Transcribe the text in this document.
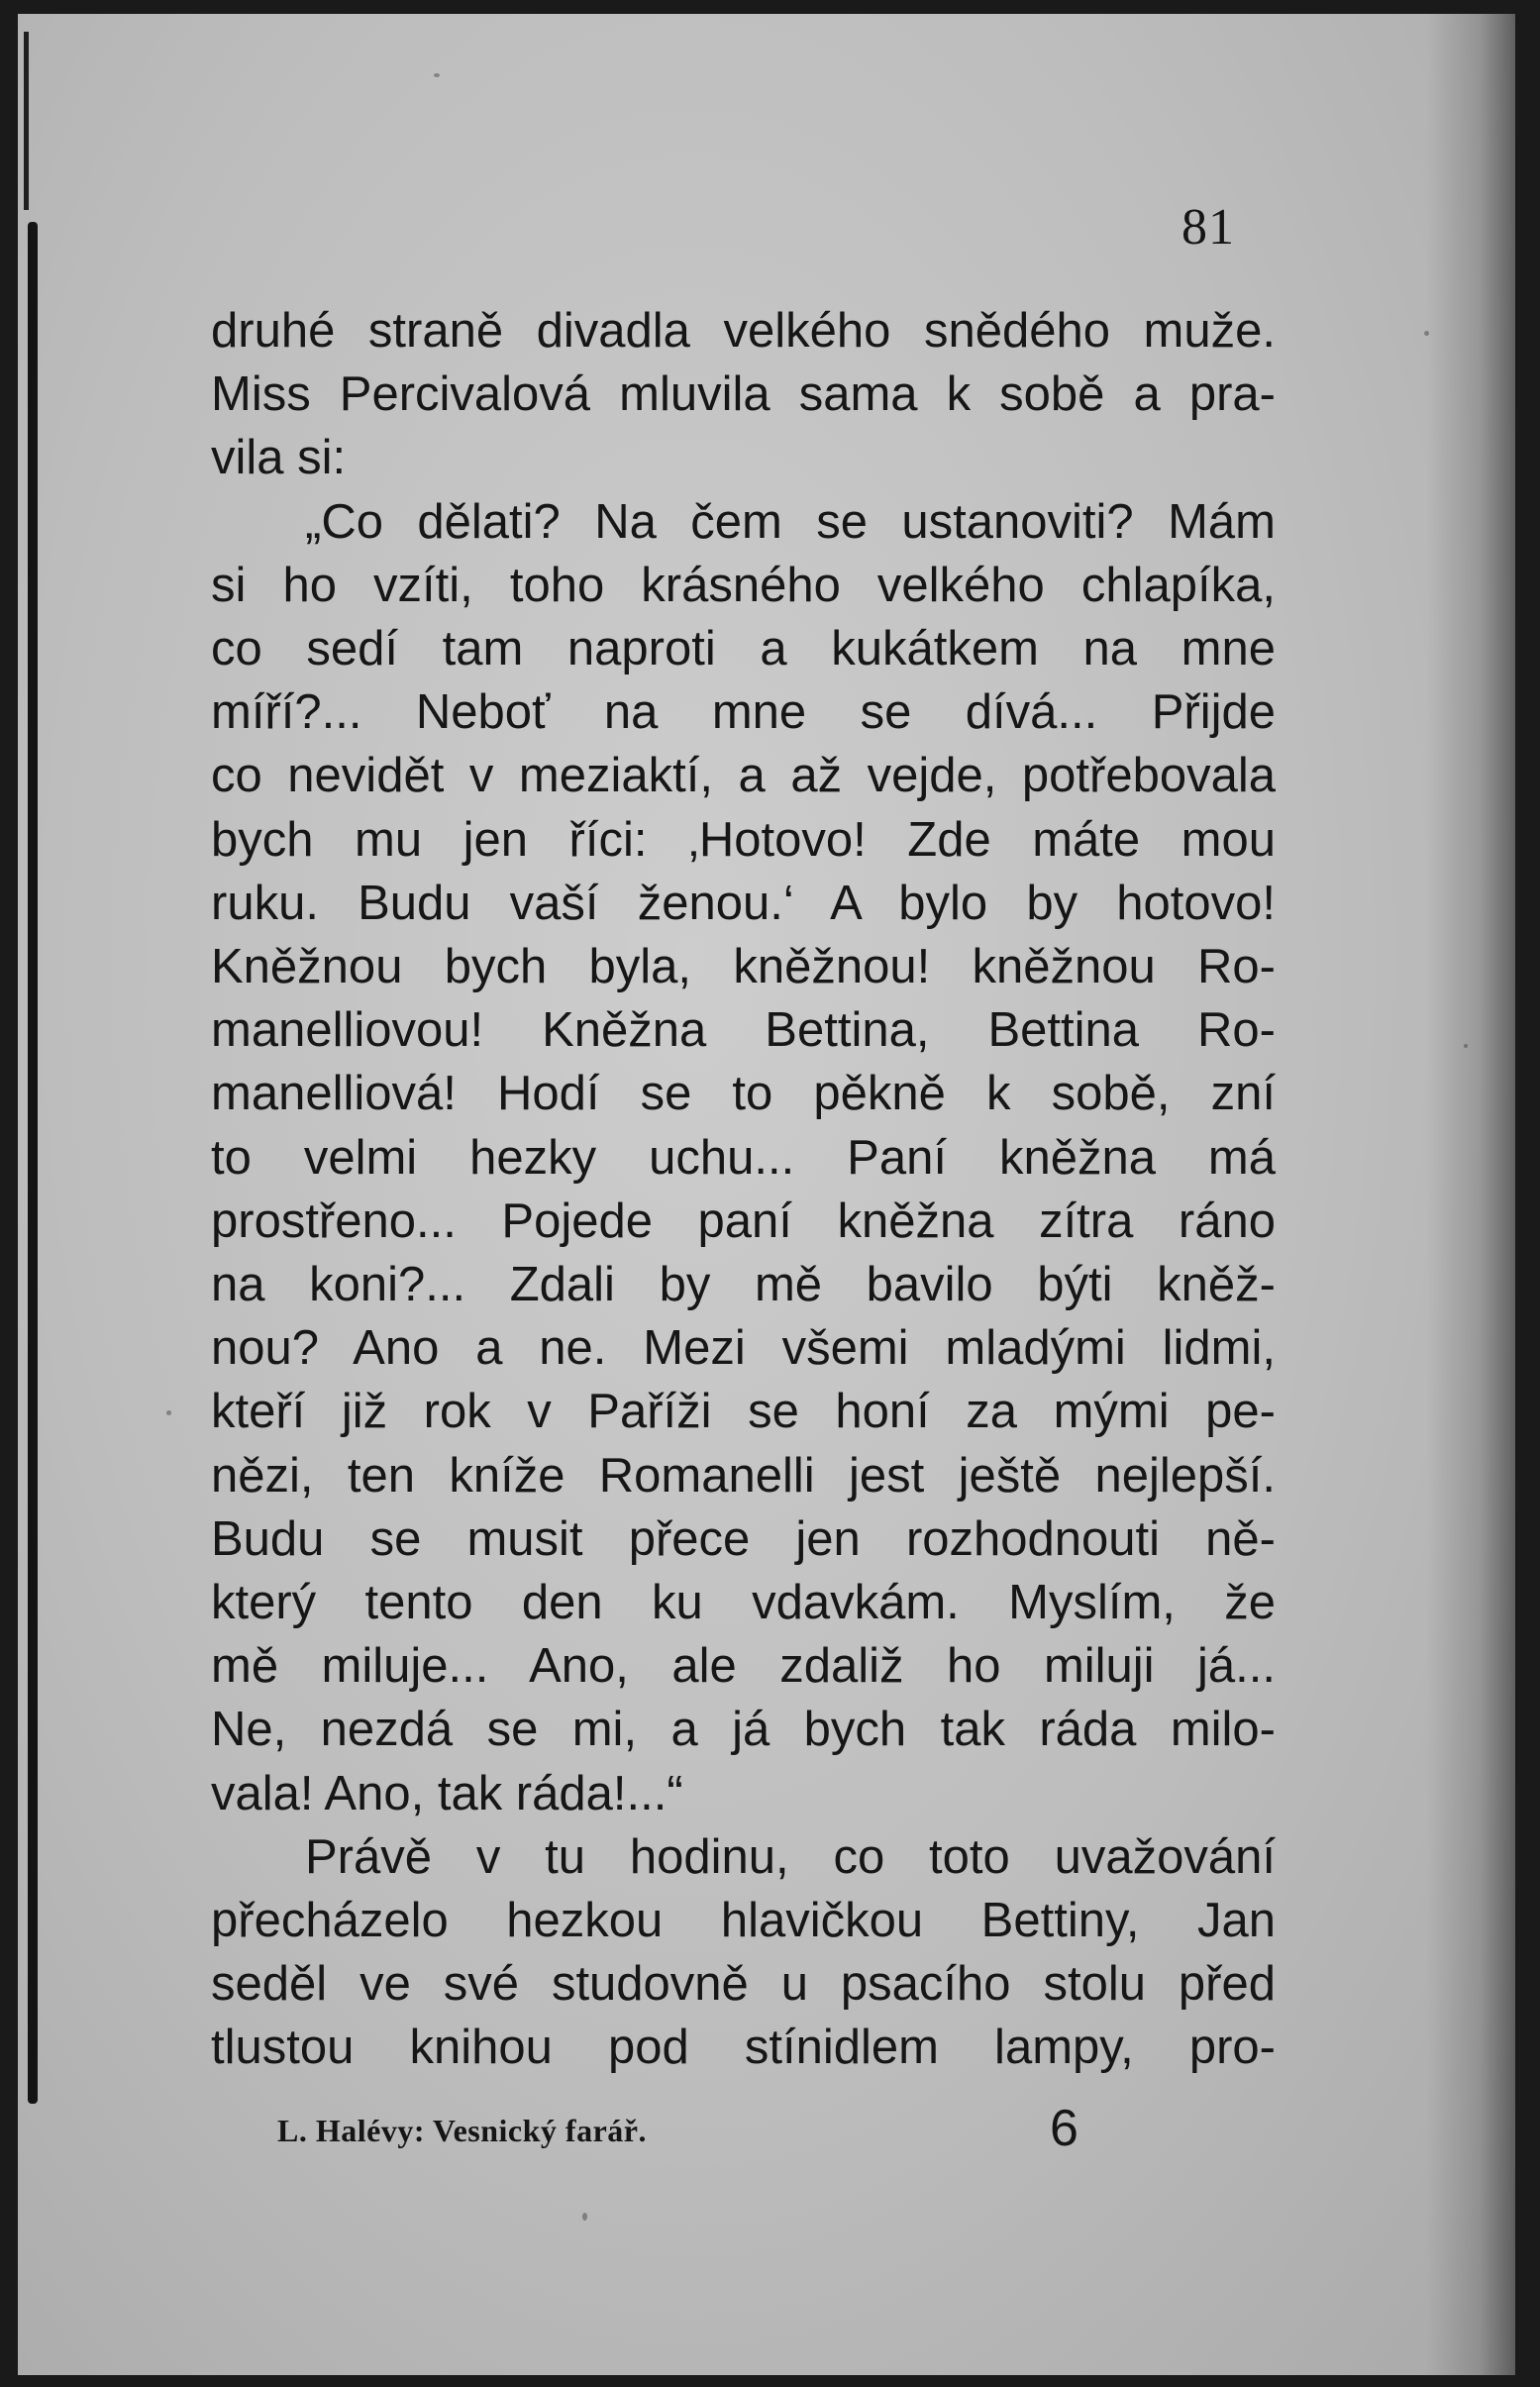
81
druhé straně divadla velkého snědého muže.
Miss Percivalová mluvila sama k sobě a pra-
vila si:
„Co dělati? Na čem se ustanoviti? Mám
si ho vzíti, toho krásného velkého chlapíka,
co sedí tam naproti a kukátkem na mne
míří?... Neboť na mne se dívá... Přijde
co nevidět v meziaktí, a až vejde, potřebovala
bych mu jen říci: ‚Hotovo! Zde máte mou
ruku. Budu vaší ženou.‘ A bylo by hotovo!
Kněžnou bych byla, kněžnou! kněžnou Ro-
manelliovou! Kněžna Bettina, Bettina Ro-
manelliová! Hodí se to pěkně k sobě, zní
to velmi hezky uchu... Paní kněžna má
prostřeno... Pojede paní kněžna zítra ráno
na koni?... Zdali by mě bavilo býti kněž-
nou? Ano a ne. Mezi všemi mladými lidmi,
kteří již rok v Paříži se honí za mými pe-
nězi, ten kníže Romanelli jest ještě nejlepší.
Budu se musit přece jen rozhodnouti ně-
který tento den ku vdavkám. Myslím, že
mě miluje... Ano, ale zdaliž ho miluji já...
Ne, nezdá se mi, a já bych tak ráda milo-
vala! Ano, tak ráda!...“
Právě v tu hodinu, co toto uvažování
přecházelo hezkou hlavičkou Bettiny, Jan
seděl ve své studovně u psacího stolu před
tlustou knihou pod stínidlem lampy, pro-
L. Halévy: Vesnický farář.	6
